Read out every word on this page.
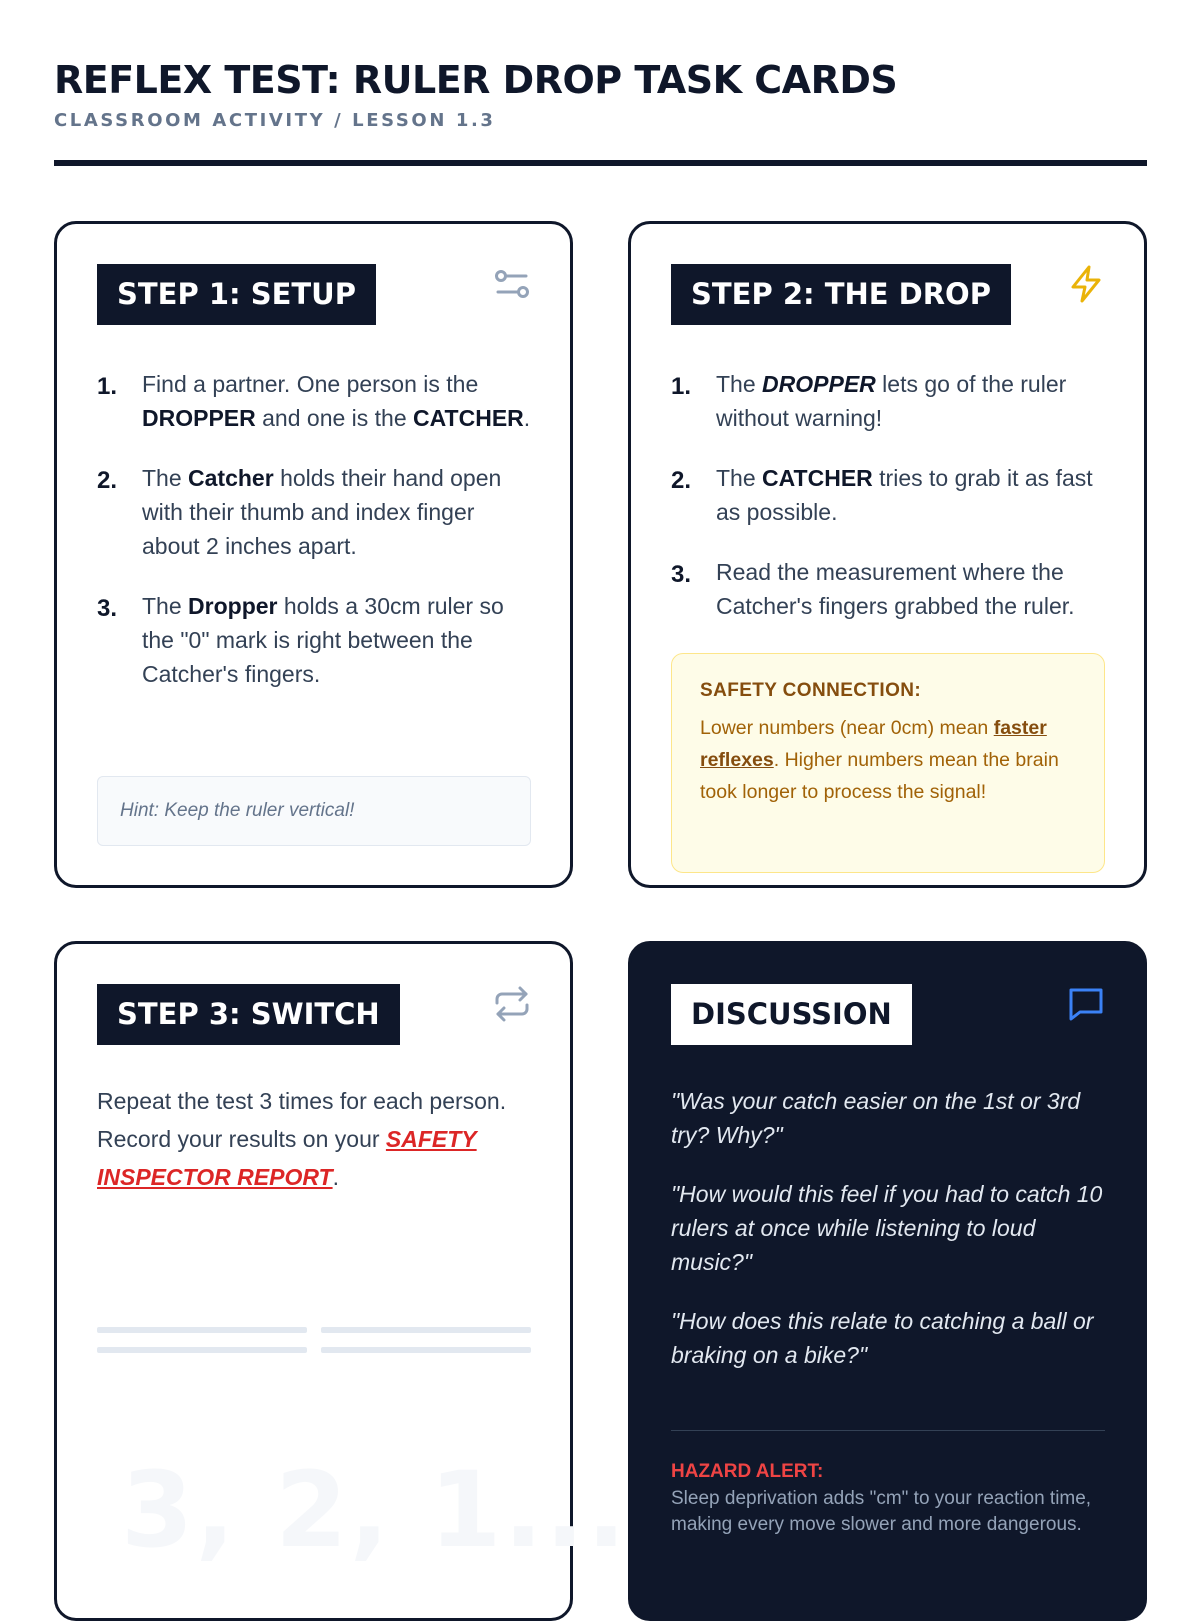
REFLEX TEST: RULER DROP TASK CARDS
CLASSROOM ACTIVITY / LESSON 1.3
STEP 1: SETUP
1.	Find a partner. One person is the DROPPER and one is the CATCHER.
2.	The Catcher holds their hand open with their thumb and index finger about 2 inches apart.
3.	The Dropper holds a 30cm ruler so the "0" mark is right between the Catcher's fingers.
Hint: Keep the ruler vertical!
STEP 2: THE DROP
1.	The DROPPER lets go of the ruler without warning!
2.	The CATCHER tries to grab it as fast as possible.
3.	Read the measurement where the Catcher's fingers grabbed the ruler.
SAFETY CONNECTION:
Lower numbers (near 0cm) mean faster reflexes. Higher numbers mean the brain took longer to process the signal!
STEP 3: SWITCH

Repeat the test 3 times for each person. Record your results on your SAFETY INSPECTOR REPORT.

3, 2, 1...
DISCUSSION

"Was your catch easier on the 1st or 3rd try? Why?"

"How would this feel if you had to catch 10 rulers at once while listening to loud music?"

"How does this relate to catching a ball or braking on a bike?"

HAZARD ALERT:
Sleep deprivation adds "cm" to your reaction time, making every move slower and more dangerous.
